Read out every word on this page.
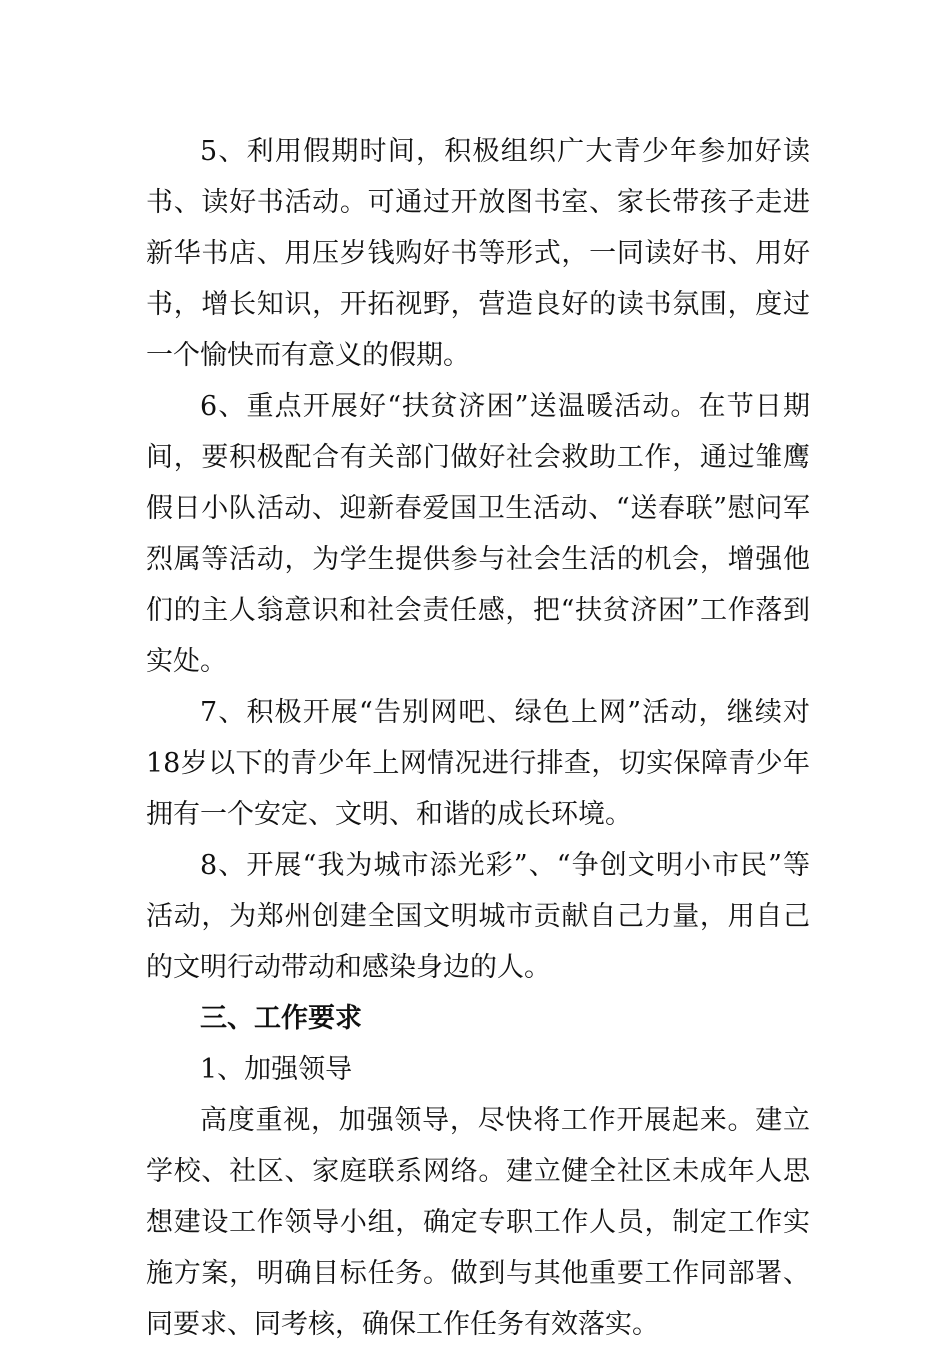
5、利用假期时间，积极组织广大青少年参加好读书、读好书活动。可通过开放图书室、家长带孩子走进新华书店、用压岁钱购好书等形式，一同读好书、用好书，增长知识，开拓视野，营造良好的读书氛围，度过一个愉快而有意义的假期。

6、重点开展好“扶贫济困”送温暖活动。在节日期间，要积极配合有关部门做好社会救助工作，通过雏鹰假日小队活动、迎新春爱国卫生活动、“送春联”慰问军烈属等活动，为学生提供参与社会生活的机会，增强他们的主人翁意识和社会责任感，把“扶贫济困”工作落到实处。

7、积极开展“告别网吧、绿色上网”活动，继续对18岁以下的青少年上网情况进行排查，切实保障青少年拥有一个安定、文明、和谐的成长环境。

8、开展“我为城市添光彩”、“争创文明小市民”等活动，为郑州创建全国文明城市贡献自己力量，用自己的文明行动带动和感染身边的人。

三、工作要求

1、加强领导

高度重视，加强领导，尽快将工作开展起来。建立学校、社区、家庭联系网络。建立健全社区未成年人思想建设工作领导小组，确定专职工作人员，制定工作实施方案，明确目标任务。做到与其他重要工作同部署、同要求、同考核，确保工作任务有效落实。
